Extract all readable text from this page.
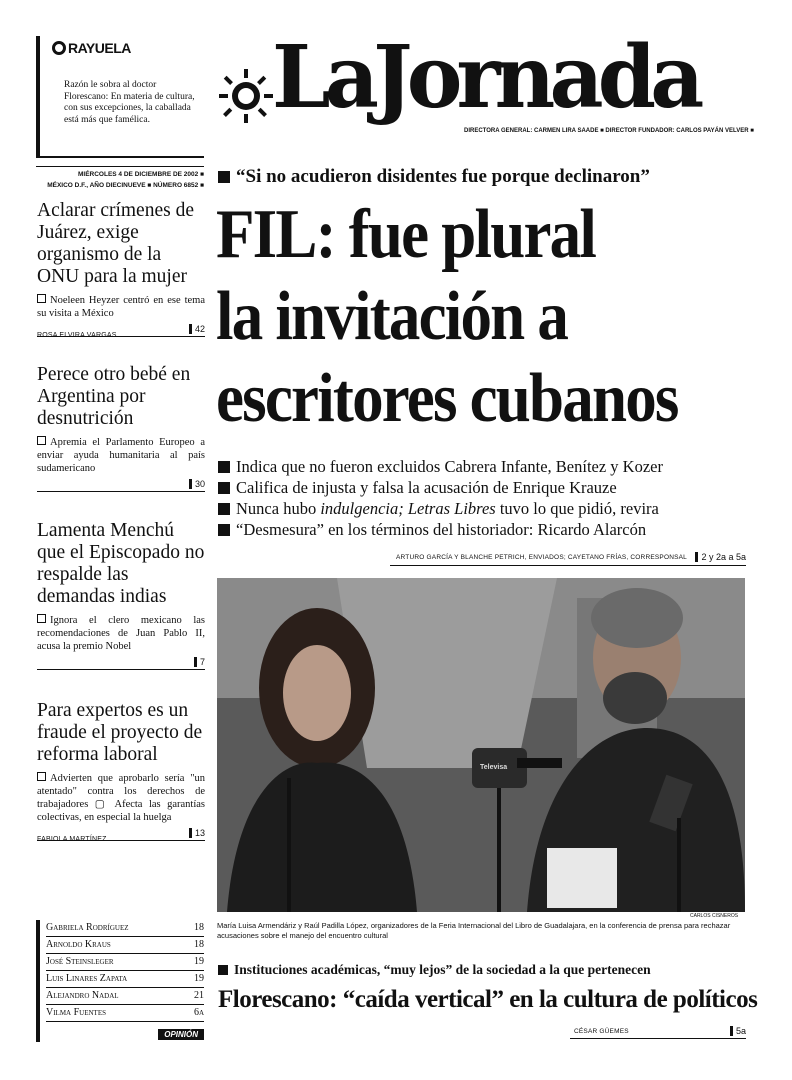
RAYUELA
Razón le sobra al doctor Florescano: En materia de cultura, con sus excepciones, la caballada está más que famélica.	LaJornada
DIRECTORA GENERAL: CARMEN LIRA SAADE ■ DIRECTOR FUNDADOR: CARLOS PAYÁN VELVER ■
MIÉRCOLES 4 DE DICIEMBRE DE 2002 ■
MÉXICO D.F., AÑO DIECINUEVE ■ NÚMERO 6852 ■
Aclarar crímenes de Juárez, exige organismo de la ONU para la mujer

Noeleen Heyzer centró en ese tema su visita a México

ROSA ELVIRA VARGAS
42
Perece otro bebé en Argentina por desnutrición

Apremia el Parlamento Europeo a enviar ayuda humanitaria al país sudamericano

30
Lamenta Menchú que el Episcopado no respalde las demandas indias

Ignora el clero mexicano las recomendaciones de Juan Pablo II, acusa la premio Nobel

7
Para expertos es un fraude el proyecto de reforma laboral

Advierten que aprobarlo sería "un atentado" contra los derechos de trabajadores ▢ Afecta las garantías colectivas, en especial la huelga

FABIOLA MARTÍNEZ
13
Gabriela Rodríguez	18
Arnoldo Kraus	18
José Steinsleger	19
Luis Linares Zapata	19
Alejandro Nadal	21
Vilma Fuentes	6a
OPINIÓN
“Si no acudieron disidentes fue porque declinaron”
FIL: fue plural
la invitación a
escritores cubanos
Indica que no fueron excluidos Cabrera Infante, Benítez y Kozer
Califica de injusta y falsa la acusación de Enrique Krauze
Nunca hubo indulgencia; Letras Libres tuvo lo que pidió, revira
“Desmesura” en los términos del historiador: Ricardo Alarcón
ARTURO GARCÍA Y BLANCHE PETRICH, ENVIADOS; CAYETANO FRÍAS, CORRESPONSAL	2 y 2a a 5a
Televisa
CARLOS CISNEROS
María Luisa Armendáriz y Raúl Padilla López, organizadores de la Feria Internacional del Libro de Guadalajara, en la conferencia de prensa para rechazar acusaciones sobre el manejo del encuentro cultural
Instituciones académicas, “muy lejos” de la sociedad a la que pertenecen
Florescano: “caída vertical” en la cultura de políticos
CÉSAR GÜEMES	5a
